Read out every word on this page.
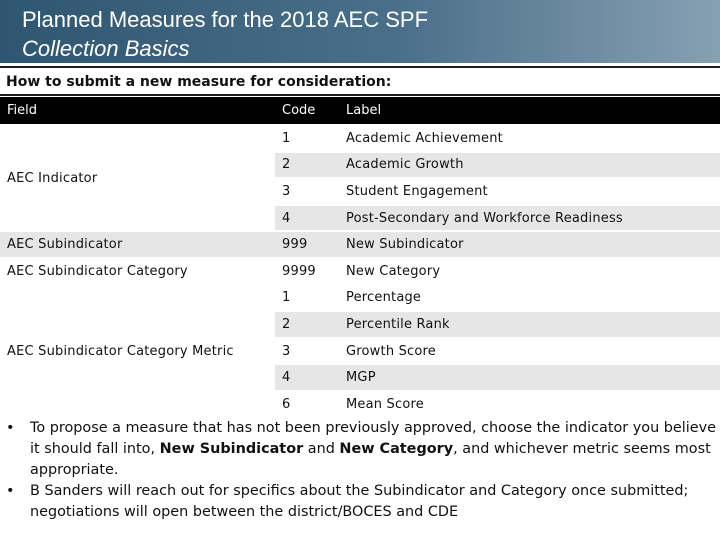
Planned Measures for the 2018 AEC SPF
Collection Basics
How to submit a new measure for consideration:
Field	Code	Label
AEC Indicator	1	Academic Achievement
	2	Academic Growth
	3	Student Engagement
	4	Post-Secondary and Workforce Readiness
AEC Subindicator	999	New Subindicator
AEC Subindicator Category	9999	New Category
AEC Subindicator Category Metric	1	Percentage
	2	Percentile Rank
	3	Growth Score
	4	MGP
	6	Mean Score
•	To propose a measure that has not been previously approved, choose the indicator you believe it should fall into, New Subindicator and New Category, and whichever metric seems most appropriate.
•	B Sanders will reach out for specifics about the Subindicator and Category once submitted; negotiations will open between the district/BOCES and CDE
